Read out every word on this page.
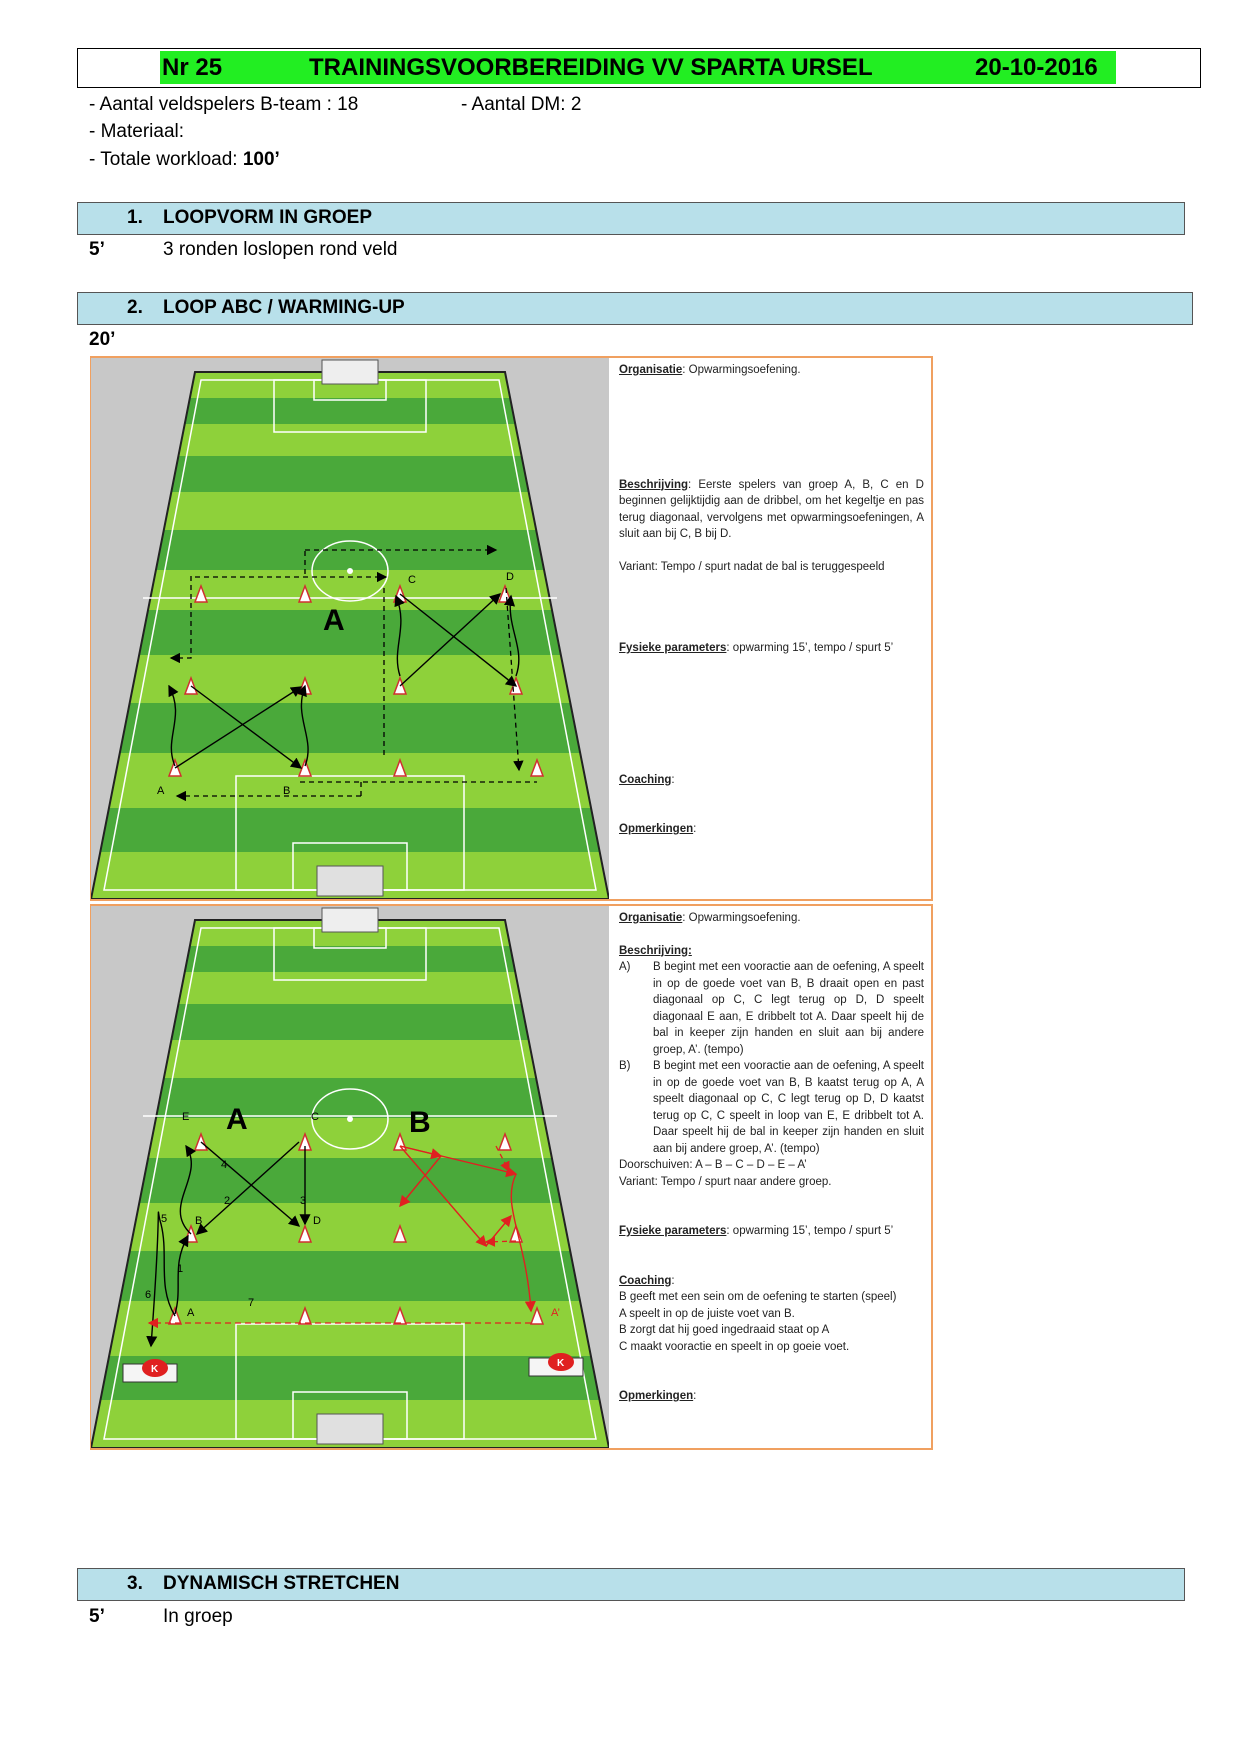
Nr 25	TRAININGSVOORBEREIDING VV SPARTA URSEL	20-10-2016
- Aantal veldspelers B-team : 18	- Aantal DM: 2
- Materiaal:
- Totale workload: 100’
1. LOOPVORM IN GROEP
5’	3 ronden loslopen rond veld
2. LOOP ABC / WARMING-UP
20’
A
A	B
C	D

Organisatie: Opwarmingsoefening.

Beschrijving: Eerste spelers van groep A, B, C en D beginnen gelijktijdig aan de dribbel, om het kegeltje en pas terug diagonaal, vervolgens met opwarmingsoefeningen, A sluit aan bij C, B bij D.

Variant: Tempo / spurt nadat de bal is teruggespeeld

Fysieke parameters: opwarming 15’, tempo / spurt 5’

Coaching:

Opmerkingen:

K
K
A	B
E	C
B	D
A	A’
1
2	3
4
5
6
7

Organisatie: Opwarmingsoefening.

Beschrijving:

A)	B begint met een vooractie aan de oefening, A speelt in op de goede voet van B, B draait open en past diagonaal op C, C legt terug op D, D speelt diagonaal E aan, E dribbelt tot A. Daar speelt hij de bal in keeper zijn handen en sluit aan bij andere groep, A’. (tempo)
B)	B begint met een vooractie aan de oefening, A speelt in op de goede voet van B, B kaatst terug op A, A speelt diagonaal op C, C legt terug op D, D kaatst terug op C, C speelt in loop van E, E dribbelt tot A. Daar speelt hij de bal in keeper zijn handen en sluit aan bij andere groep, A’. (tempo)

Doorschuiven: A – B – C – D – E – A’

Variant: Tempo / spurt naar andere groep.

Fysieke parameters: opwarming 15’, tempo / spurt 5’

Coaching:

B geeft met een sein om de oefening te starten (speel)

A speelt in op de juiste voet van B.

B zorgt dat hij goed ingedraaid staat op A

C maakt vooractie en speelt in op goeie voet.

Opmerkingen:

3. DYNAMISCH STRETCHEN
5’	In groep
